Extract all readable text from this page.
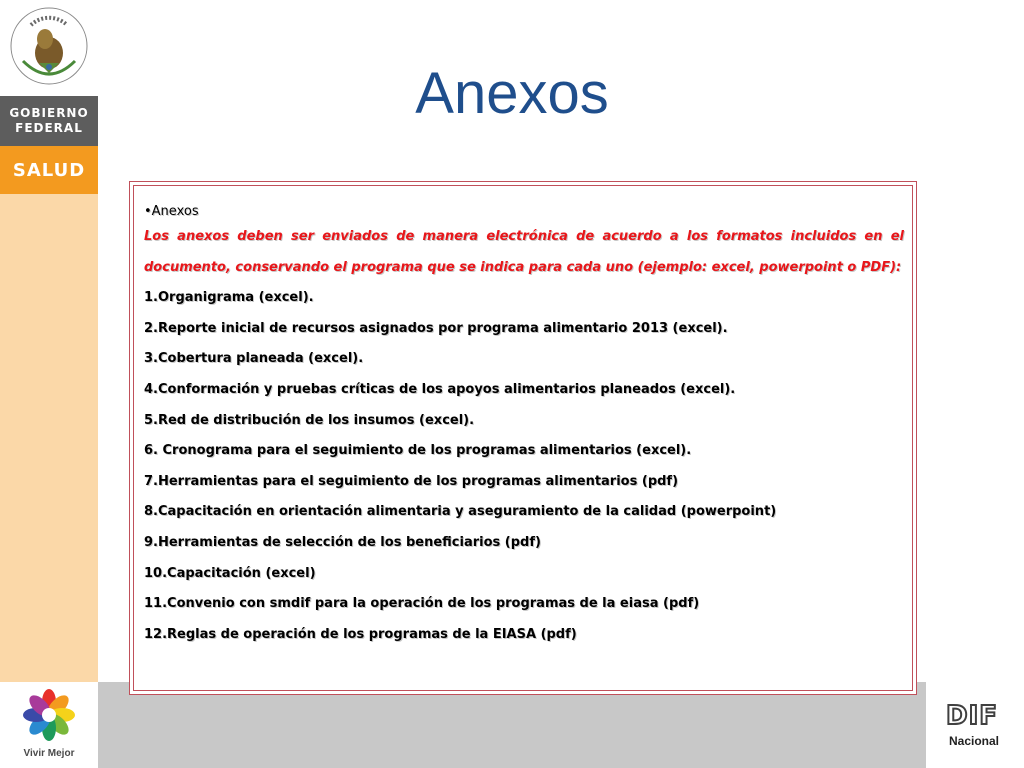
GOBIERNO
FEDERAL
SALUD
Vivir Mejor
DIF
Nacional
Anexos
•Anexos
Los anexos deben ser enviados de manera electrónica de acuerdo a los formatos incluidos en el
documento, conservando el programa que se indica para cada uno (ejemplo: excel, powerpoint o PDF):
1.Organigrama (excel).
2.Reporte inicial de recursos asignados por programa alimentario 2013 (excel).
3.Cobertura planeada (excel).
4.Conformación y pruebas críticas de los apoyos alimentarios planeados (excel).
5.Red de distribución de los insumos (excel).
6. Cronograma para el seguimiento de los programas alimentarios (excel).
7.Herramientas para el seguimiento de los programas alimentarios (pdf)
8.Capacitación en orientación alimentaria y aseguramiento de la calidad (powerpoint)
9.Herramientas de selección de los beneficiarios (pdf)
10.Capacitación (excel)
11.Convenio con smdif para la operación de los programas de la eiasa (pdf)
12.Reglas de operación de los programas de la EIASA (pdf)
